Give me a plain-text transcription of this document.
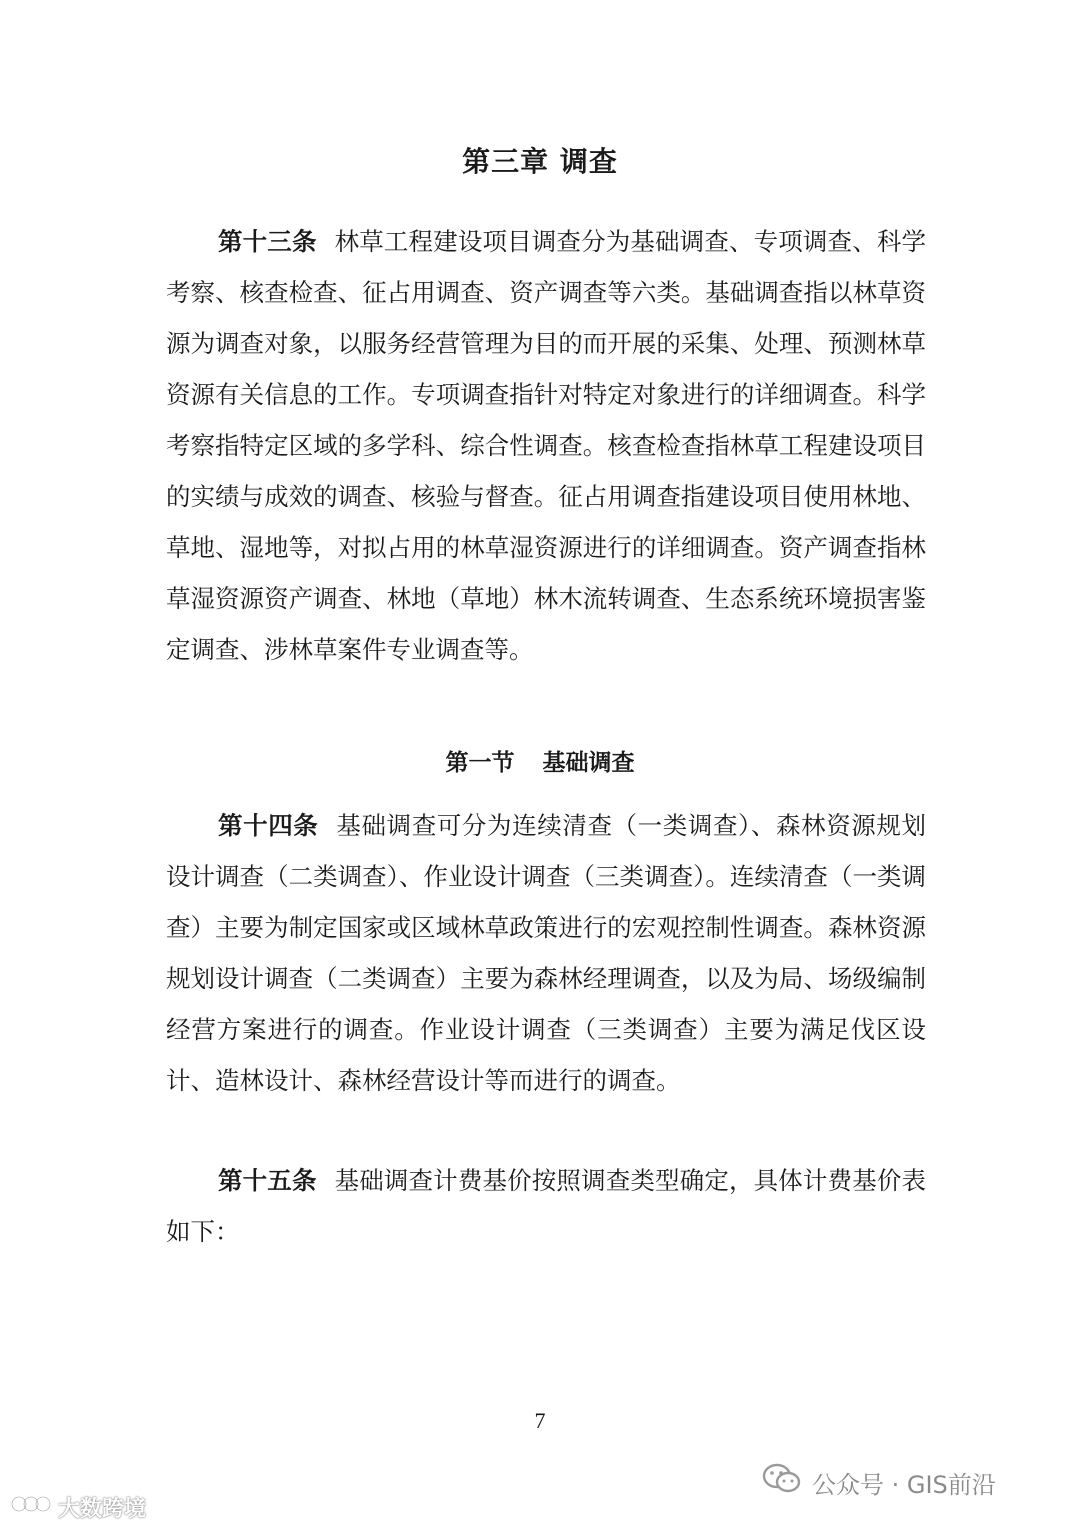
第三章 调查

第十三条 林草工程建设项目调查分为基础调查、专项调查、科学考察、核查检查、征占用调查、资产调查等六类。基础调查指以林草资源为调查对象，以服务经营管理为目的而开展的采集、处理、预测林草资源有关信息的工作。专项调查指针对特定对象进行的详细调查。科学考察指特定区域的多学科、综合性调查。核查检查指林草工程建设项目的实绩与成效的调查、核验与督查。征占用调查指建设项目使用林地、草地、湿地等，对拟占用的林草湿资源进行的详细调查。资产调查指林草湿资源资产调查、林地（草地）林木流转调查、生态系统环境损害鉴定调查、涉林草案件专业调查等。

第一节 基础调查

第十四条 基础调查可分为连续清查（一类调查）、森林资源规划设计调查（二类调查）、作业设计调查（三类调查）。连续清查（一类调查）主要为制定国家或区域林草政策进行的宏观控制性调查。森林资源规划设计调查（二类调查）主要为森林经理调查，以及为局、场级编制经营方案进行的调查。作业设计调查（三类调查）主要为满足伐区设计、造林设计、森林经营设计等而进行的调查。

第十五条 基础调查计费基价按照调查类型确定，具体计费基价表如下：

7
公众号 · GIS前沿
大数跨境
